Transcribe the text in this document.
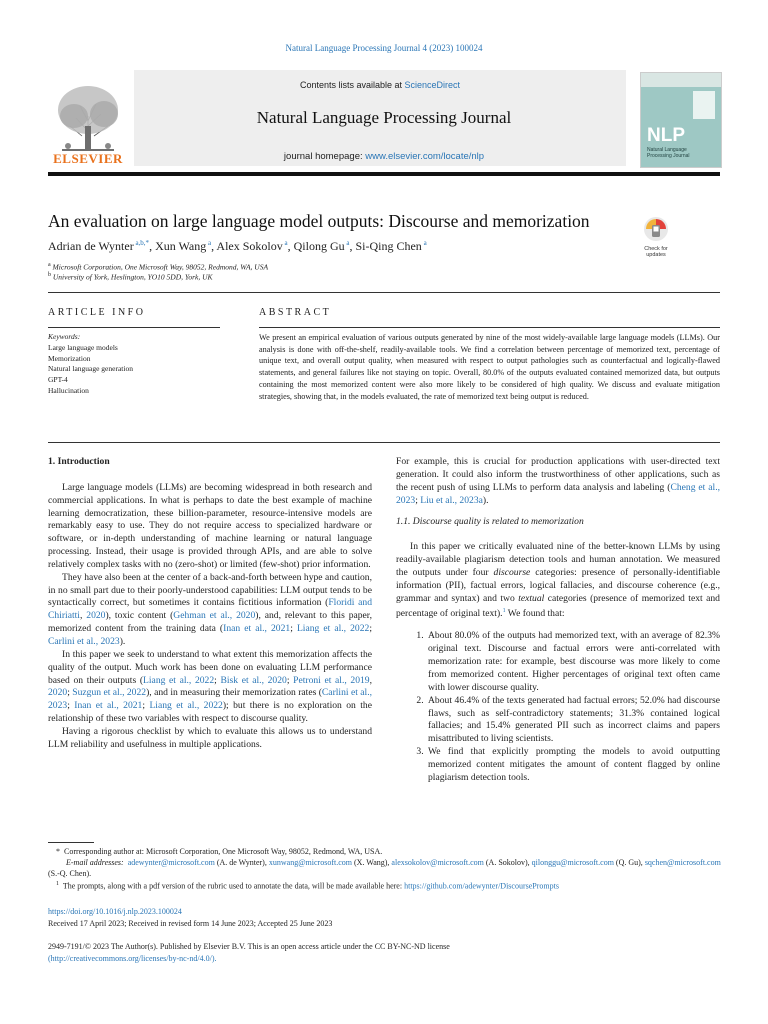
Natural Language Processing Journal 4 (2023) 100024
Contents lists available at ScienceDirect
Natural Language Processing Journal
journal homepage: www.elsevier.com/locate/nlp
ELSEVIER
NLP
Natural Language Processing Journal
An evaluation on large language model outputs: Discourse and memorization
Check for
updates
Adrian de Wynter $^{a,b,*}$, Xun Wang $^a$, Alex Sokolov $^a$, Qilong Gu $^a$, Si-Qing Chen $^a$
$^a$ Microsoft Corporation, One Microsoft Way, 98052, Redmond, WA, USA
$^b$ University of York, Heslington, YO10 5DD, York, UK
ARTICLE INFO
Keywords:
Large language models
Memorization
Natural language generation
GPT-4
Hallucination
ABSTRACT
We present an empirical evaluation of various outputs generated by nine of the most widely-available large language models (LLMs). Our analysis is done with off-the-shelf, readily-available tools. We find a correlation between percentage of memorized text, percentage of unique text, and overall output quality, when measured with respect to output pathologies such as counterfactual and logically-flawed statements, and general failures like not staying on topic. Overall, 80.0% of the outputs evaluated contained memorized data, but outputs containing the most memorized content were also more likely to be considered of high quality. We discuss and evaluate mitigation strategies, showing that, in the models evaluated, the rate of memorized text being output is reduced.
1. Introduction

Large language models (LLMs) are becoming widespread in both research and commercial applications. In what is perhaps to date the best example of machine learning democratization, these billion-parameter, resource-intensive models are remarkably easy to use. They do not require access to specialized hardware or software, or in-depth understanding of machine learning or natural language processing. Instead, their usage is provided through APIs, and are able to solve relatively complex tasks with no (zero-shot) or limited (few-shot) prior information.

They have also been at the center of a back-and-forth between hype and caution, in no small part due to their poorly-understood capabilities: LLM output tends to be syntactically correct, but sometimes it contains fictitious information (Floridi and Chiriatti, 2020), toxic content (Gehman et al., 2020), and, relevant to this paper, memorized content from the training data (Inan et al., 2021; Liang et al., 2022; Carlini et al., 2023).

In this paper we seek to understand to what extent this memorization affects the quality of the output. Much work has been done on evaluating LLM performance based on their outputs (Liang et al., 2022; Bisk et al., 2020; Petroni et al., 2019, 2020; Suzgun et al., 2022), and in measuring their memorization rates (Carlini et al., 2023; Inan et al., 2021; Liang et al., 2022); but there is no exploration on the relationship of these two variables with respect to discourse quality.

Having a rigorous checklist by which to evaluate this allows us to understand LLM reliability and usefulness in multiple applications.

For example, this is crucial for production applications with user-directed text generation. It could also inform the trustworthiness of other applications, such as the recent push of using LLMs to perform data analysis and labeling (Cheng et al., 2023; Liu et al., 2023a).

1.1. Discourse quality is related to memorization

In this paper we critically evaluated nine of the better-known LLMs by using readily-available plagiarism detection tools and human annotation. We measured the outputs under four discourse categories: presence of personally-identifiable information (PII), factual errors, logical fallacies, and discourse coherence (e.g., grammar and syntax) and two textual categories (presence of memorized text and percentage of original text).$^1$ We found that:

1. About 80.0% of the outputs had memorized text, with an average of 82.3% original text. Discourse and factual errors were anti-correlated with memorization rate: for example, best discourse was more likely to come from memorized content. Higher percentages of original text often came with lower discourse quality.
2. About 46.4% of the texts generated had factual errors; 52.0% had discourse flaws, such as self-contradictory statements; 31.3% contained logical fallacies; and 15.4% generated PII such as incorrect claims and papers misattributed to living scientists.
3. We find that explicitly prompting the models to avoid outputting memorized content mitigates the amount of content flagged by online plagiarism detection tools.
* Corresponding author at: Microsoft Corporation, One Microsoft Way, 98052, Redmond, WA, USA.
E-mail addresses: adewynter@microsoft.com (A. de Wynter), xunwang@microsoft.com (X. Wang), alexsokolov@microsoft.com (A. Sokolov), qilonggu@microsoft.com (Q. Gu), sqchen@microsoft.com (S.-Q. Chen).
$^1$ The prompts, along with a pdf version of the rubric used to annotate the data, will be made available here: https://github.com/adewynter/DiscoursePrompts
https://doi.org/10.1016/j.nlp.2023.100024
Received 17 April 2023; Received in revised form 14 June 2023; Accepted 25 June 2023
2949-7191/© 2023 The Author(s). Published by Elsevier B.V. This is an open access article under the CC BY-NC-ND license
(http://creativecommons.org/licenses/by-nc-nd/4.0/).
